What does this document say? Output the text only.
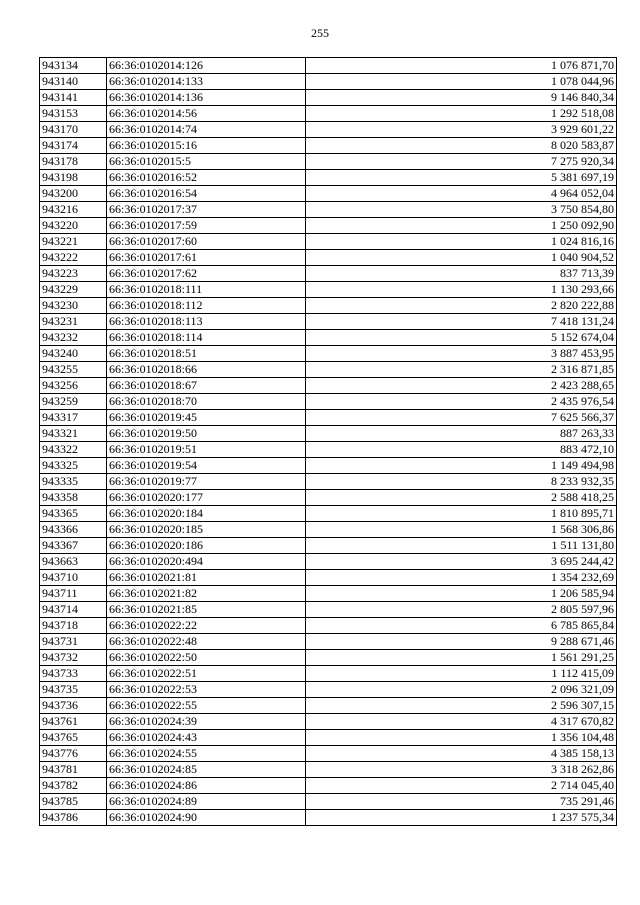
255
943134	66:36:0102014:126	1 076 871,70
943140	66:36:0102014:133	1 078 044,96
943141	66:36:0102014:136	9 146 840,34
943153	66:36:0102014:56	1 292 518,08
943170	66:36:0102014:74	3 929 601,22
943174	66:36:0102015:16	8 020 583,87
943178	66:36:0102015:5	7 275 920,34
943198	66:36:0102016:52	5 381 697,19
943200	66:36:0102016:54	4 964 052,04
943216	66:36:0102017:37	3 750 854,80
943220	66:36:0102017:59	1 250 092,90
943221	66:36:0102017:60	1 024 816,16
943222	66:36:0102017:61	1 040 904,52
943223	66:36:0102017:62	837 713,39
943229	66:36:0102018:111	1 130 293,66
943230	66:36:0102018:112	2 820 222,88
943231	66:36:0102018:113	7 418 131,24
943232	66:36:0102018:114	5 152 674,04
943240	66:36:0102018:51	3 887 453,95
943255	66:36:0102018:66	2 316 871,85
943256	66:36:0102018:67	2 423 288,65
943259	66:36:0102018:70	2 435 976,54
943317	66:36:0102019:45	7 625 566,37
943321	66:36:0102019:50	887 263,33
943322	66:36:0102019:51	883 472,10
943325	66:36:0102019:54	1 149 494,98
943335	66:36:0102019:77	8 233 932,35
943358	66:36:0102020:177	2 588 418,25
943365	66:36:0102020:184	1 810 895,71
943366	66:36:0102020:185	1 568 306,86
943367	66:36:0102020:186	1 511 131,80
943663	66:36:0102020:494	3 695 244,42
943710	66:36:0102021:81	1 354 232,69
943711	66:36:0102021:82	1 206 585,94
943714	66:36:0102021:85	2 805 597,96
943718	66:36:0102022:22	6 785 865,84
943731	66:36:0102022:48	9 288 671,46
943732	66:36:0102022:50	1 561 291,25
943733	66:36:0102022:51	1 112 415,09
943735	66:36:0102022:53	2 096 321,09
943736	66:36:0102022:55	2 596 307,15
943761	66:36:0102024:39	4 317 670,82
943765	66:36:0102024:43	1 356 104,48
943776	66:36:0102024:55	4 385 158,13
943781	66:36:0102024:85	3 318 262,86
943782	66:36:0102024:86	2 714 045,40
943785	66:36:0102024:89	735 291,46
943786	66:36:0102024:90	1 237 575,34
